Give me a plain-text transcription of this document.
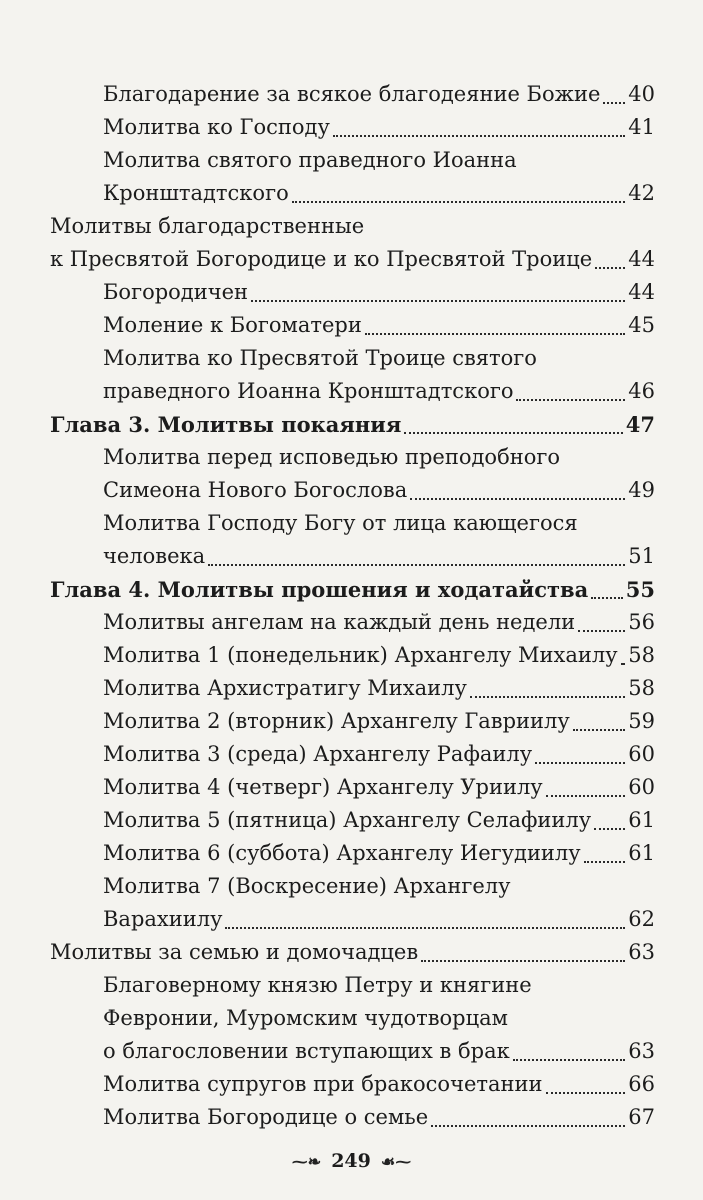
Благодарение за всякое благодеяние Божие 40
Молитва ко Господу	41
Молитва святого праведного Иоанна
Кронштадтского	42
Молитвы благодарственные
к Пресвятой Богородице и ко Пресвятой Троице 44
Богородичен	44
Моление к Богоматери	45
Молитва ко Пресвятой Троице святого
праведного Иоанна Кронштадтского	46
Глава 3. Молитвы покаяния	47
Молитва перед исповедью преподобного
Симеона Нового Богослова	49
Молитва Господу Богу от лица кающегося
человека	51
Глава 4. Молитвы прошения и ходатайства 55
Молитвы ангелам на каждый день недели	56
Молитва 1 (понедельник) Архангелу Михаилу 58
Молитва Архистратигу Михаилу	58
Молитва 2 (вторник) Архангелу Гавриилу	59
Молитва 3 (среда) Архангелу Рафаилу	60
Молитва 4 (четверг) Архангелу Уриилу	60
Молитва 5 (пятница) Архангелу Селафиилу 61
Молитва 6 (суббота) Архангелу Иегудиилу 61
Молитва 7 (Воскресение) Архангелу
Варахиилу	62
Молитвы за семью и домочадцев	63
Благоверному князю Петру и княгине
Февронии, Муромским чудотворцам
о благословении вступающих в брак	63
Молитва супругов при бракосочетании	66
Молитва Богородице о семье	67
⁓❧ 249 ☙⁓
